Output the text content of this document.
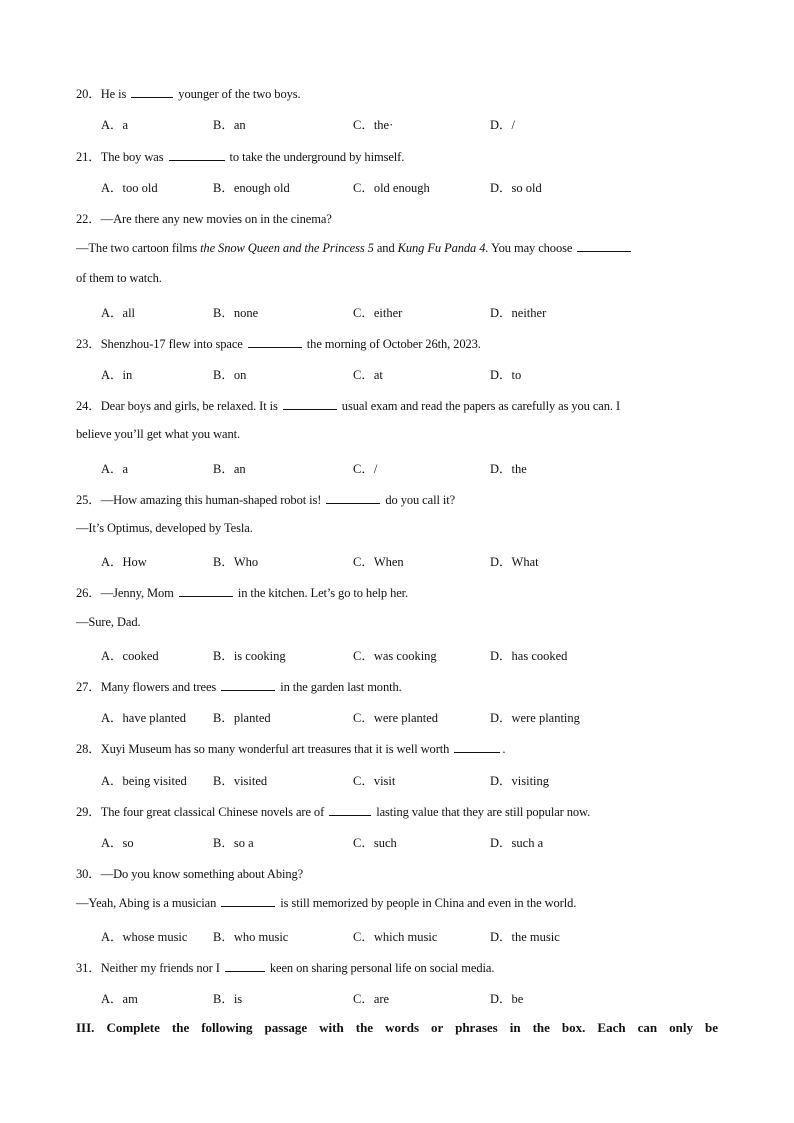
20．He is	younger of the two boys.
A．a	B．an	C．the·	D．/
21．The boy was	to take the underground by himself.
A．too old	B．enough old	C．old enough	D．so old
22．—Are there any new movies on in the cinema?
—The two cartoon films the Snow Queen and the Princess 5 and Kung Fu Panda 4. You may choose
of them to watch.
A．all	B．none	C．either	D．neither
23．Shenzhou-17 flew into space	the morning of October 26th, 2023.
A．in	B．on	C．at	D．to
24．Dear boys and girls, be relaxed. It is	usual exam and read the papers as carefully as you can. I
believe you’ll get what you want.
A．a	B．an	C．/	D．the
25．—How amazing this human-shaped robot is!	do you call it?
—It’s Optimus, developed by Tesla.
A．How	B．Who	C．When	D．What
26．—Jenny, Mom	in the kitchen. Let’s go to help her.
—Sure, Dad.
A．cooked	B．is cooking	C．was cooking	D．has cooked
27．Many flowers and trees	in the garden last month.
A．have planted B．planted	C．were planted	D．were planting
28．Xuyi Museum has so many wonderful art treasures that it is well worth	.
A．being visited B．visited	C．visit	D．visiting
29．The four great classical Chinese novels are of	lasting value that they are still popular now.
A．so	B．so a	C．such	D．such a
30．—Do you know something about Abing?
—Yeah, Abing is a musician	is still memorized by people in China and even in the world.
A．whose music B．who music	C．which music	D．the music
31．Neither my friends nor I	keen on sharing personal life on social media.
A．am	B．is	C．are	D．be
III. Complete the following passage with the words or phrases in the box. Each can only be
